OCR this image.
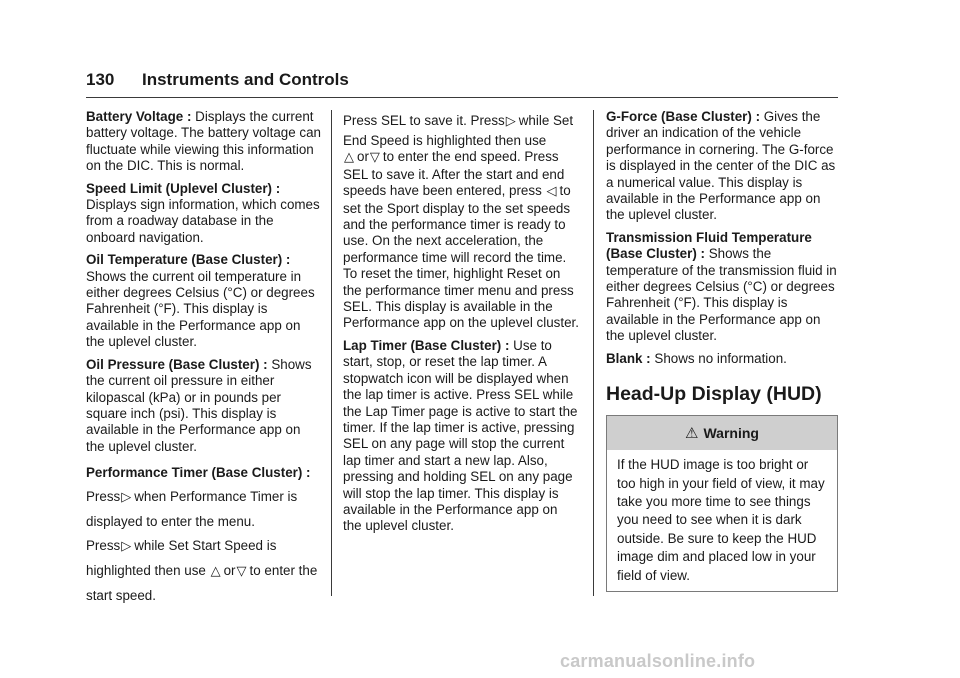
130 Instruments and Controls

Battery Voltage : Displays the current battery voltage. The battery voltage can fluctuate while viewing this information on the DIC. This is normal.

Speed Limit (Uplevel Cluster) : Displays sign information, which comes from a roadway database in the onboard navigation.

Oil Temperature (Base Cluster) : Shows the current oil temperature in either degrees Celsius (°C) or degrees Fahrenheit (°F). This display is available in the Performance app on the uplevel cluster.

Oil Pressure (Base Cluster) : Shows the current oil pressure in either kilopascal (kPa) or in pounds per square inch (psi). This display is available in the Performance app on the uplevel cluster.

Performance Timer (Base Cluster) : Press▷ when Performance Timer is displayed to enter the menu. Press▷ while Set Start Speed is highlighted then use △ or▽ to enter the start speed.

Press SEL to save it. Press▷ while Set End Speed is highlighted then use △ or▽ to enter the end speed. Press SEL to save it. After the start and end speeds have been entered, press ◁ to set the Sport display to the set speeds and the performance timer is ready to use. On the next acceleration, the performance time will record the time. To reset the timer, highlight Reset on the performance timer menu and press SEL. This display is available in the Performance app on the uplevel cluster.

Lap Timer (Base Cluster) : Use to start, stop, or reset the lap timer. A stopwatch icon will be displayed when the lap timer is active. Press SEL while the Lap Timer page is active to start the timer. If the lap timer is active, pressing SEL on any page will stop the current lap timer and start a new lap. Also, pressing and holding SEL on any page will stop the lap timer. This display is available in the Performance app on the uplevel cluster.

G-Force (Base Cluster) : Gives the driver an indication of the vehicle performance in cornering. The G-force is displayed in the center of the DIC as a numerical value. This display is available in the Performance app on the uplevel cluster.

Transmission Fluid Temperature (Base Cluster) : Shows the temperature of the transmission fluid in either degrees Celsius (°C) or degrees Fahrenheit (°F). This display is available in the Performance app on the uplevel cluster.

Blank : Shows no information.

Head-Up Display (HUD)
⚠ Warning
If the HUD image is too bright or too high in your field of view, it may take you more time to see things you need to see when it is dark outside. Be sure to keep the HUD image dim and placed low in your field of view.
carmanualsonline.info
